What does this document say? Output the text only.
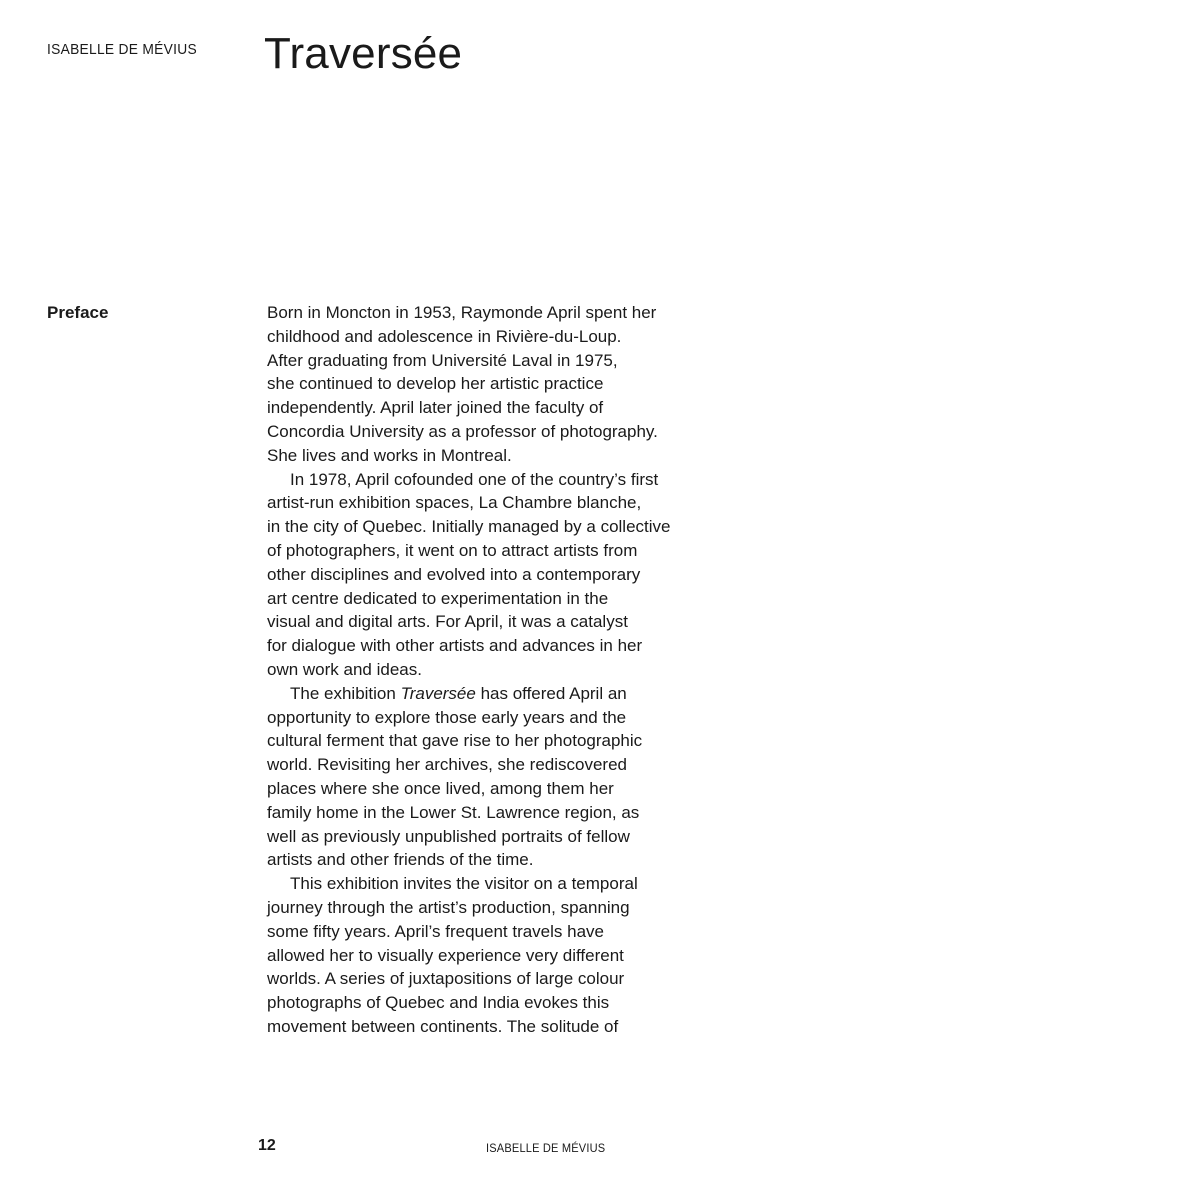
ISABELLE DE MÉVIUS Traversée
Preface	Born in Moncton in 1953, Raymonde April spent her
childhood and adolescence in Rivière-du-Loup.
After graduating from Université Laval in 1975,
she continued to develop her artistic practice
independently. April later joined the faculty of
Concordia University as a professor of photography.
She lives and works in Montreal.
In 1978, April cofounded one of the country’s first
artist-run exhibition spaces, La Chambre blanche,
in the city of Quebec. Initially managed by a collective
of photographers, it went on to attract artists from
other disciplines and evolved into a contemporary
art centre dedicated to experimentation in the
visual and digital arts. For April, it was a catalyst
for dialogue with other artists and advances in her
own work and ideas.
The exhibition Traversée has offered April an
opportunity to explore those early years and the
cultural ferment that gave rise to her photographic
world. Revisiting her archives, she rediscovered
places where she once lived, among them her
family home in the Lower St. Lawrence region, as
well as previously unpublished portraits of fellow
artists and other friends of the time.
This exhibition invites the visitor on a temporal
journey through the artist’s production, spanning
some fifty years. April’s frequent travels have
allowed her to visually experience very different
worlds. A series of juxtapositions of large colour
photographs of Quebec and India evokes this
movement between continents. The solitude of
12	ISABELLE DE MÉVIUS
